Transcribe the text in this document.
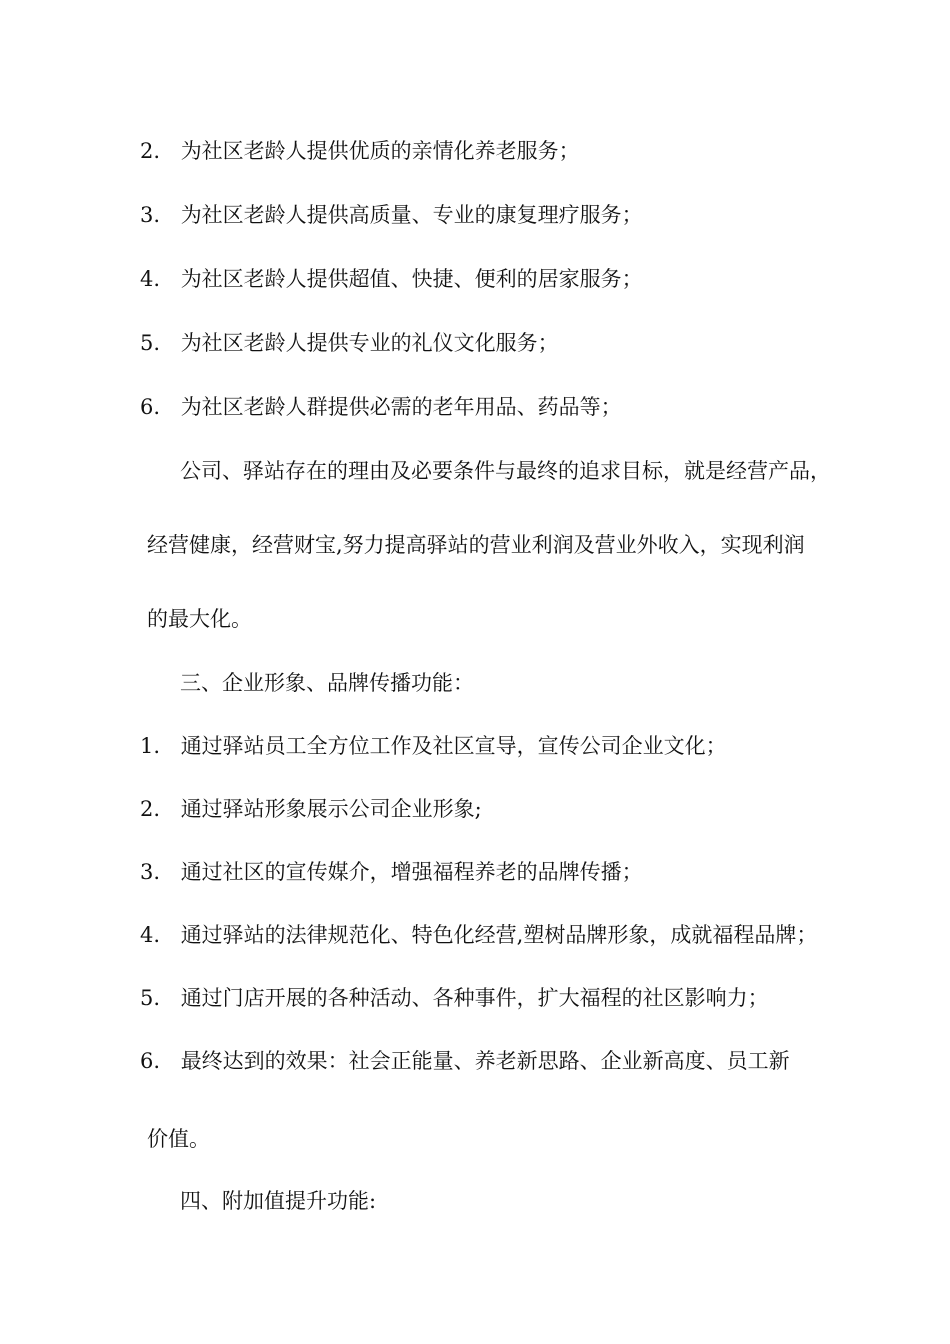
2. 为社区老龄人提供优质的亲情化养老服务；
3. 为社区老龄人提供高质量、专业的康复理疗服务；
4. 为社区老龄人提供超值、快捷、便利的居家服务；
5. 为社区老龄人提供专业的礼仪文化服务；
6. 为社区老龄人群提供必需的老年用品、药品等；
公司、驿站存在的理由及必要条件与最终的追求目标，就是经营产品，
经营健康，经营财宝,努力提高驿站的营业利润及营业外收入，实现利润
的最大化。
三、企业形象、品牌传播功能：
1. 通过驿站员工全方位工作及社区宣导，宣传公司企业文化；
2. 通过驿站形象展示公司企业形象;
3. 通过社区的宣传媒介，增强福程养老的品牌传播；
4. 通过驿站的法律规范化、特色化经营,塑树品牌形象，成就福程品牌；
5. 通过门店开展的各种活动、各种事件，扩大福程的社区影响力；
6. 最终达到的效果：社会正能量、养老新思路、企业新高度、员工新
价值。
四、附加值提升功能:
